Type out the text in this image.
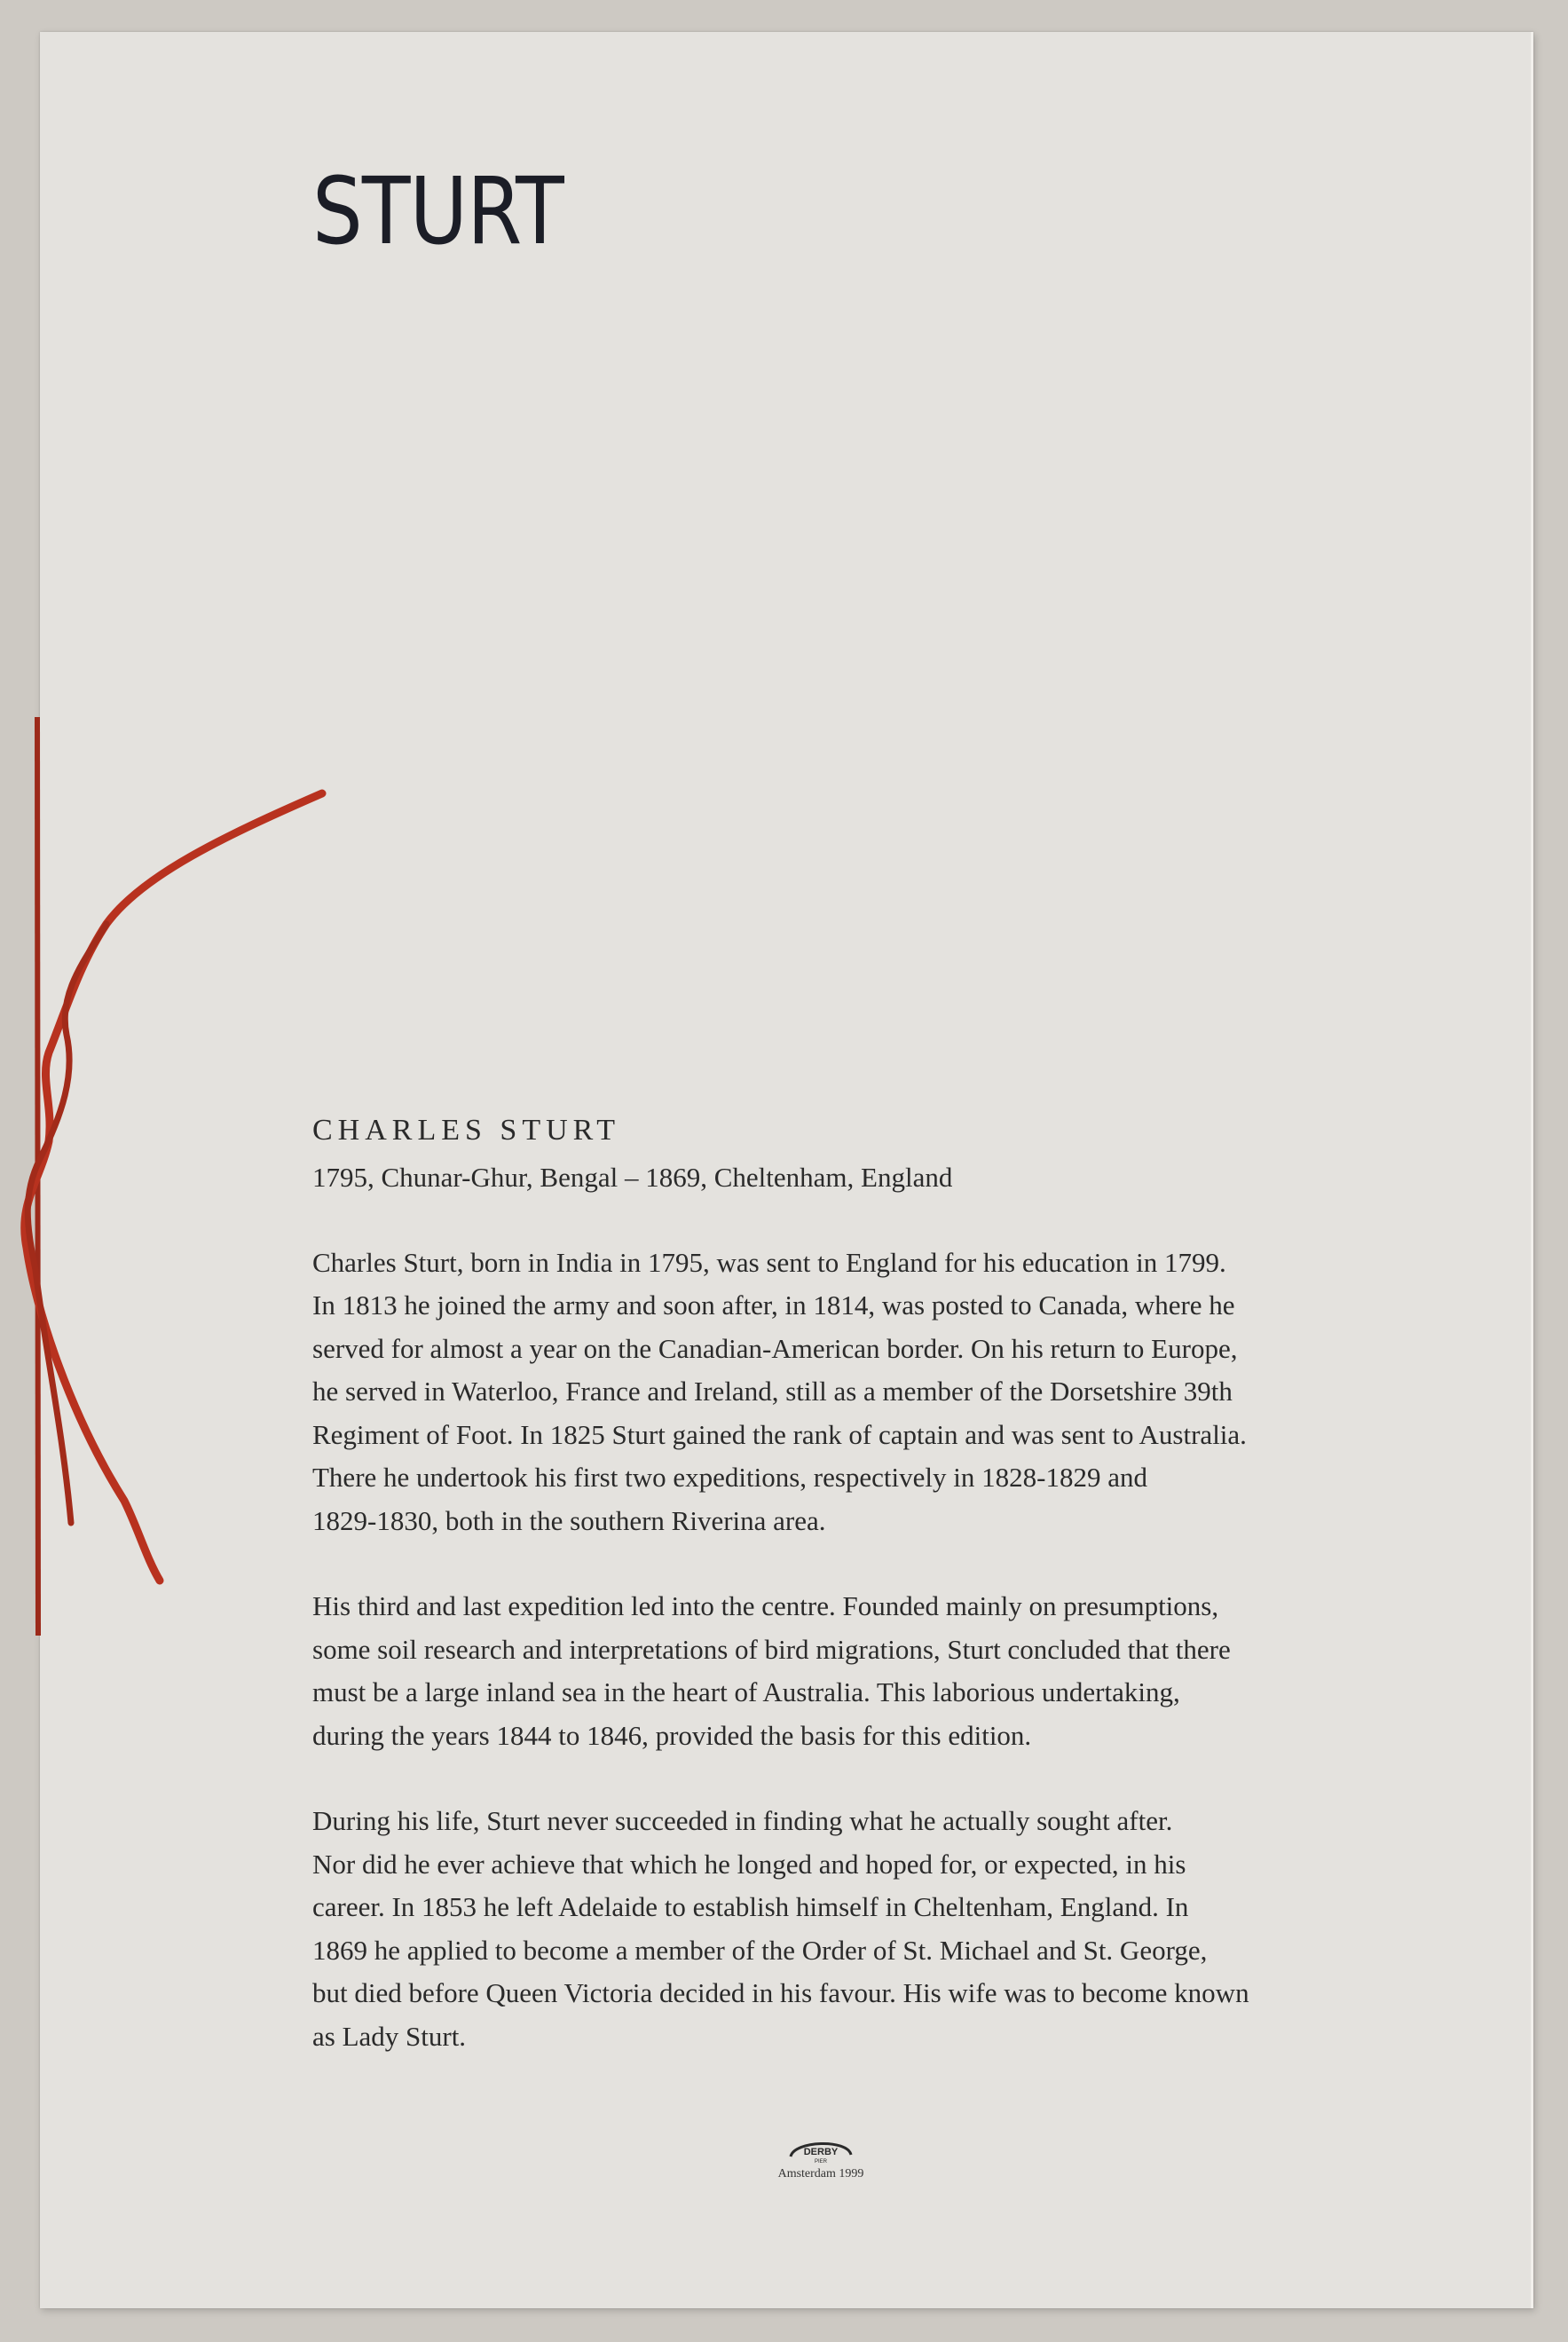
STURT

CHARLES STURT

1795, Chunar-Ghur, Bengal – 1869, Cheltenham, England

Charles Sturt, born in India in 1795, was sent to England for his education in 1799.
In 1813 he joined the army and soon after, in 1814, was posted to Canada, where he
served for almost a year on the Canadian-American border. On his return to Europe,
he served in Waterloo, France and Ireland, still as a member of the Dorsetshire 39th
Regiment of Foot. In 1825 Sturt gained the rank of captain and was sent to Australia.
There he undertook his first two expeditions, respectively in 1828-1829 and
1829-1830, both in the southern Riverina area.

His third and last expedition led into the centre. Founded mainly on presumptions,
some soil research and interpretations of bird migrations, Sturt concluded that there
must be a large inland sea in the heart of Australia. This laborious undertaking,
during the years 1844 to 1846, provided the basis for this edition.

During his life, Sturt never succeeded in finding what he actually sought after.
Nor did he ever achieve that which he longed and hoped for, or expected, in his
career. In 1853 he left Adelaide to establish himself in Cheltenham, England. In
1869 he applied to become a member of the Order of St. Michael and St. George,
but died before Queen Victoria decided in his favour. His wife was to become known
as Lady Sturt.

DERBY
PIER
Amsterdam 1999
